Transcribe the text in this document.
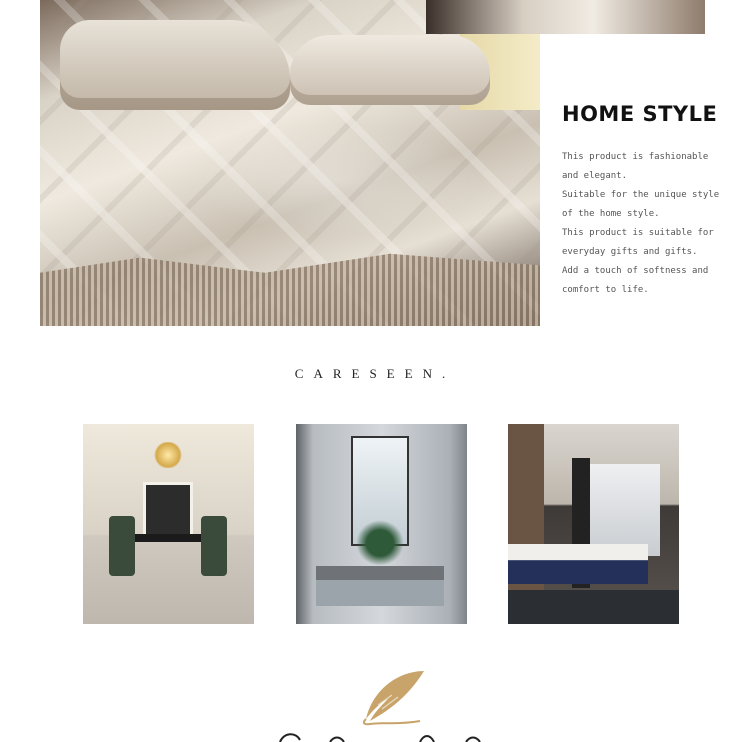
HOME STYLE
This product is fashionable
and elegant.
Suitable for the unique style
of the home style.
This product is suitable for
everyday gifts and gifts.
Add a touch of softness and
comfort to life.
CARESEEN.
